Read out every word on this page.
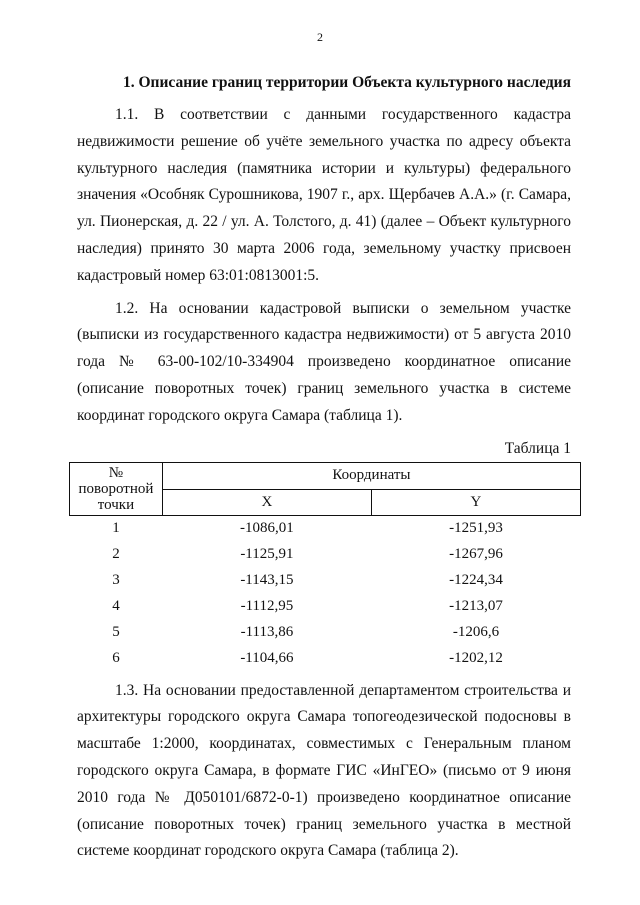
2
1. Описание границ территории Объекта культурного наследия

1.1. В соответствии с данными государственного кадастра недвижимости решение об учёте земельного участка по адресу объекта культурного наследия (памятника истории и культуры) федерального значения «Особняк Сурошникова, 1907 г., арх. Щербачев А.А.» (г. Самара, ул. Пионерская, д. 22 / ул. А. Толстого, д. 41) (далее – Объект культурного наследия) принято 30 марта 2006 года, земельному участку присвоен кадастровый номер 63:01:0813001:5.

1.2. На основании кадастровой выписки о земельном участке (выписки из государственного кадастра недвижимости) от 5 августа 2010 года № 63-00-102/10-334904 произведено координатное описание (описание поворотных точек) границ земельного участка в системе координат городского округа Самара (таблица 1).

Таблица 1

№
поворотной
точки	Координаты	
	X	Y
1	-1086,01	-1251,93
2	-1125,91	-1267,96
3	-1143,15	-1224,34
4	-1112,95	-1213,07
5	-1113,86	-1206,6
6	-1104,66	-1202,12

1.3. На основании предоставленной департаментом строительства и архитектуры городского округа Самара топогеодезической подосновы в масштабе 1:2000, координатах, совместимых с Генеральным планом городского округа Самара, в формате ГИС «ИнГЕО» (письмо от 9 июня 2010 года № Д050101/6872-0-1) произведено координатное описание (описание поворотных точек) границ земельного участка в местной системе координат городского округа Самара (таблица 2).
